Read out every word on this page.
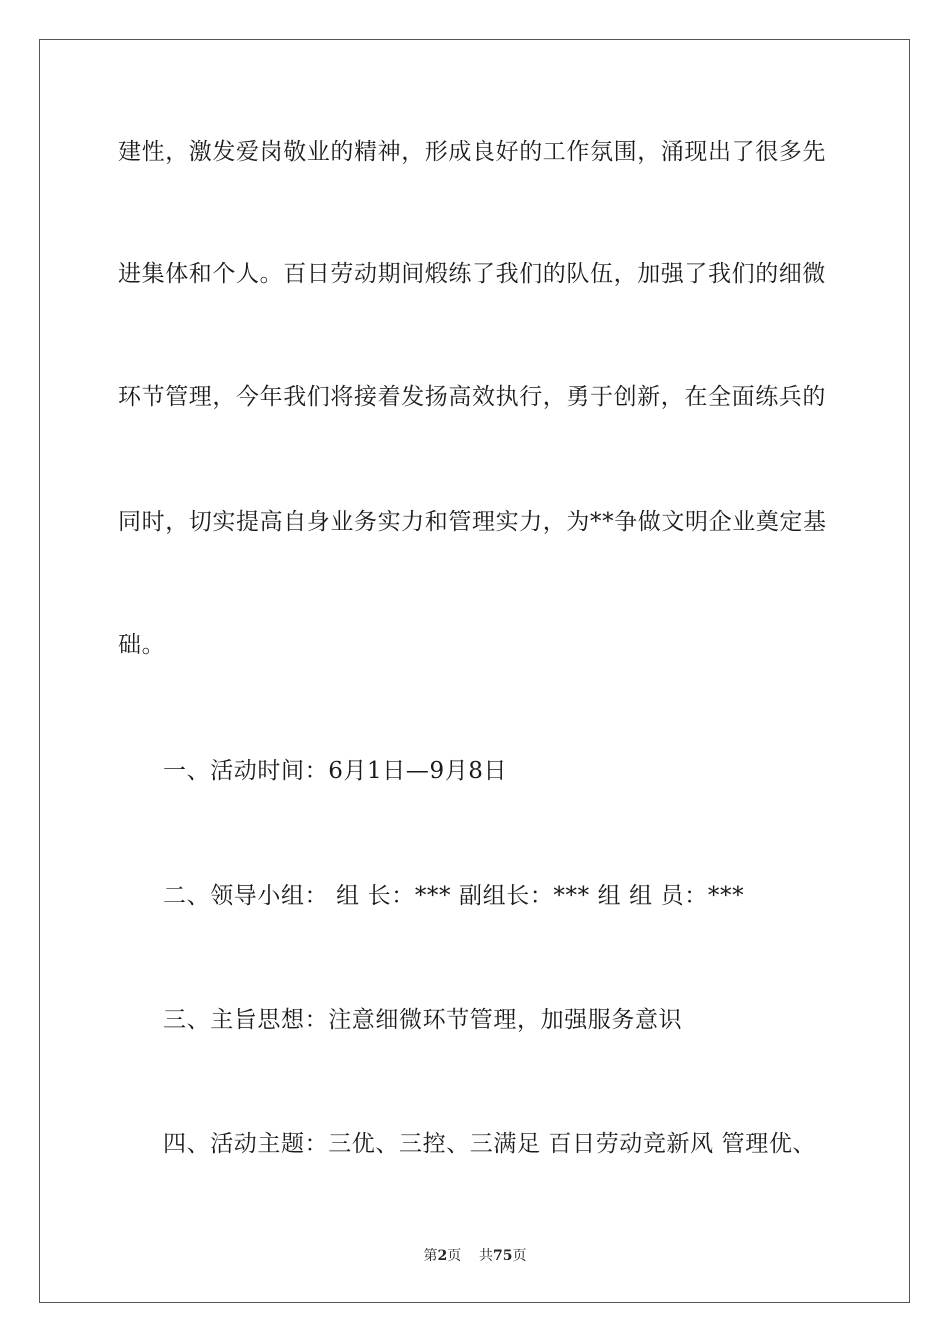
建性，激发爱岗敬业的精神，形成良好的工作氛围，涌现出了很多先
进集体和个人。百日劳动期间煅练了我们的队伍，加强了我们的细微
环节管理，今年我们将接着发扬高效执行，勇于创新，在全面练兵的
同时，切实提高自身业务实力和管理实力，为**争做文明企业奠定基
础。
一、活动时间：6月1日—9月8日
二、领导小组： 组 长：*** 副组长：*** 组 组 员：***
三、主旨思想：注意细微环节管理，加强服务意识
四、活动主题：三优、三控、三满足 百日劳动竞新风 管理优、
第2页 共75页
